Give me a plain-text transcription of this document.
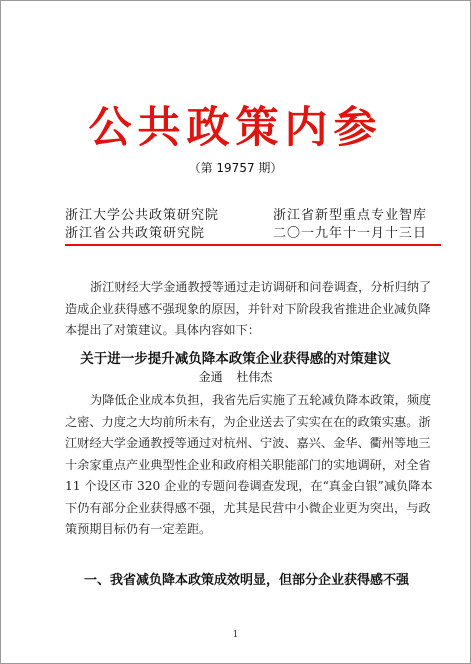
公共政策内参
（第 19757 期）
浙江大学公共政策研究院
浙江省公共政策研究院
浙江省新型重点专业智库
二〇一九年十一月十三日
浙江财经大学金通教授等通过走访调研和问卷调查，分析归纳了造成企业获得感不强现象的原因，并针对下阶段我省推进企业减负降本提出了对策建议。具体内容如下：
关于进一步提升减负降本政策企业获得感的对策建议
金通 杜伟杰
为降低企业成本负担，我省先后实施了五轮减负降本政策，频度之密、力度之大均前所未有，为企业送去了实实在在的政策实惠。浙江财经大学金通教授等通过对杭州、宁波、嘉兴、金华、衢州等地三十余家重点产业典型性企业和政府相关职能部门的实地调研，对全省 11 个设区市 320 企业的专题问卷调查发现，在“真金白银”减负降本下仍有部分企业获得感不强，尤其是民营中小微企业更为突出，与政策预期目标仍有一定差距。
一、我省减负降本政策成效明显，但部分企业获得感不强
1
